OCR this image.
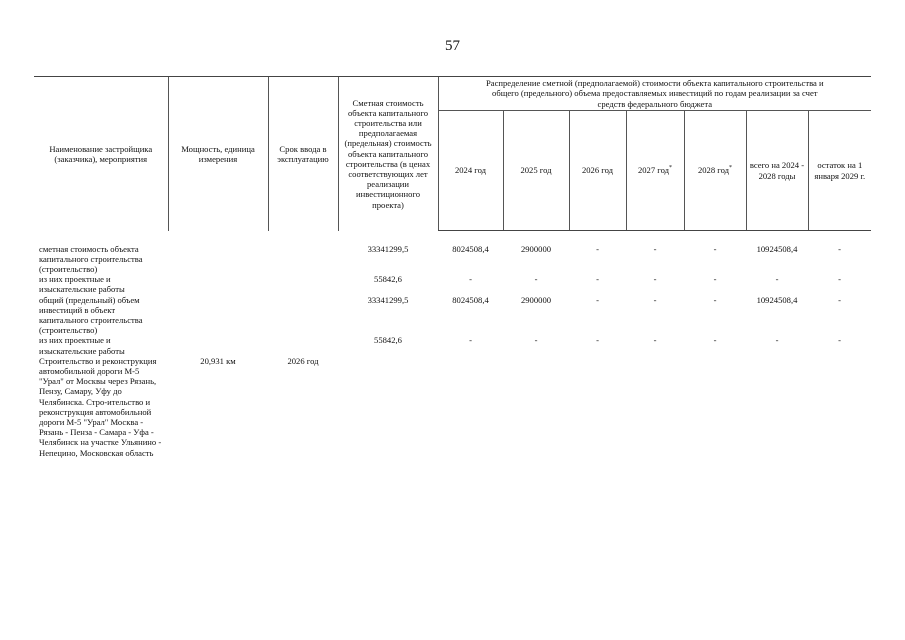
57
Наименование застройщика (заказчика), мероприятия	Мощность, единица измерения	Срок ввода в эксплуатацию	Сметная стоимость объекта капитального строительства или предполагаемая (предельная) стоимость объекта капитального строительства (в ценах соответствующих лет реализации инвестиционного проекта)	Распределение сметной (предполагаемой) стоимости объекта капитального строительства и общего (предельного) объема предоставляемых инвестиций по годам реализации за счет средств федерального бюджета						
				2024 год	2025 год	2026 год	2027 год*	2028 год*	всего на 2024 - 2028 годы	остаток на 1 января 2029 г.
сметная стоимость объекта капитального строительства (строительство)			33341299,5	8024508,4	2900000	-	-	-	10924508,4	-
из них проектные и изыскательские работы			55842,6	-	-	-	-	-	-	-
общий (предельный) объем инвестиций в объект капитального строительства (строительство)			33341299,5	8024508,4	2900000	-	-	-	10924508,4	-
из них проектные и изыскательские работы			55842,6	-	-	-	-	-	-	-
Строительство и реконструкция автомобильной дороги М-5 "Урал" от Москвы через Рязань, Пензу, Самару, Уфу до Челябинска. Стро-ительство и реконструкция автомобильной дороги М-5 "Урал" Москва - Рязань - Пенза - Самара - Уфа - Челябинск на участке Ульянино - Непецино, Московская область	20,931 км	2026 год								
